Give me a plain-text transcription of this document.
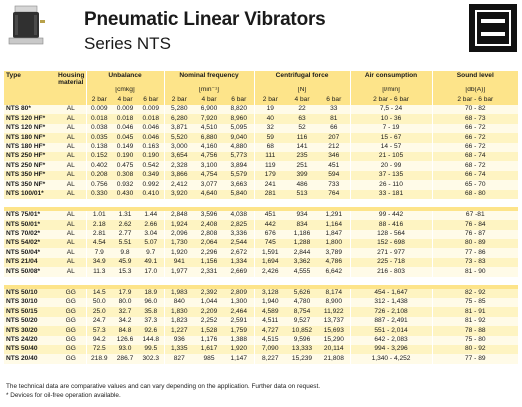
Pneumatic Linear Vibrators
Series NTS
Type	Housing
material	Unbalance			Nominal frequency			Centrifugal force			Air consumption	Sound level
		[cmkg]			[min⁻¹]			[N]			[l/min]	[db(A)]
		2 bar	4 bar	6 bar	2 bar	4 bar	6 bar	2 bar	4 bar	6 bar	2 bar - 6 bar	2 bar - 6 bar
NTS 80*	AL	0.009	0.009	0.009	5,280	6,900	8,820	19	22	33	7,5 - 24	70 - 82
NTS 120 HF*	AL	0.018	0.018	0.018	6,280	7,920	8,960	40	63	81	10 - 36	68 - 73
NTS 120 NF*	AL	0.038	0.046	0.046	3,871	4,510	5,095	32	52	66	7 - 19	66 - 72
NTS 180 NF*	AL	0.035	0.045	0.046	5,520	6,880	9,040	59	116	207	15 - 67	66 - 72
NTS 180 HF*	AL	0.138	0.149	0.163	3,000	4,160	4,880	68	141	212	14 - 57	66 - 72
NTS 250 HF*	AL	0.152	0.190	0.190	3,654	4,756	5,773	111	235	346	21 - 105	68 - 74
NTS 250 NF*	AL	0.402	0.475	0.542	2,328	3,100	3,894	119	251	451	20 - 99	68 - 72
NTS 350 HF*	AL	0.208	0.308	0.349	3,866	4,754	5,579	179	399	594	37 - 135	66 - 74
NTS 350 NF*	AL	0.756	0.932	0.992	2,412	3,077	3,663	241	486	733	26 - 110	65 - 70
NTS 100/01*	AL	0.330	0.430	0.410	3,920	4,640	5,840	281	513	764	33 - 181	68 - 80

NTS 75/01*	AL	1.01	1.31	1.44	2,848	3,596	4,038	451	934	1,291	99 - 442	67 -81
NTS 50/01*	AL	2.18	2.62	2.66	1,924	2,408	2,825	442	834	1,164	88 - 416	76 - 84
NTS 70/02*	AL	2.81	2.77	3.04	2,096	2,808	3,336	676	1,186	1,847	128 - 564	76 - 87
NTS 54/02*	AL	4.54	5.51	5.07	1,730	2,064	2,544	745	1,288	1,800	152 - 698	80 - 89
NTS 50/04*	AL	7.9	9.8	9.7	1,920	2,296	2,672	1,591	2,844	3,789	271 - 977	77 - 86
NTS 21/04	AL	34.9	45.9	49.1	941	1,156	1,334	1,694	3,362	4,786	225 - 718	73 - 83
NTS 50/08*	AL	11.3	15.3	17.0	1,977	2,331	2,669	2,426	4,555	6,642	216 - 803	81 - 90

NTS 50/10	GG	14.5	17.9	18.9	1,983	2,392	2,809	3,128	5,626	8,174	454 - 1,647	82 - 92
NTS 30/10	GG	50.0	80.0	96.0	840	1,044	1,300	1,940	4,780	8,900	312 - 1,438	75 - 85
NTS 50/15	GG	25.0	32.7	35.8	1,830	2,209	2,464	4,589	8,754	11,922	726 - 2,108	81 - 91
NTS 50/20	GG	24.7	34.2	37.3	1,823	2,252	2,591	4,511	9,527	13,737	887 - 2,491	81 - 92
NTS 30/20	GG	57.3	84.8	92.6	1,227	1,528	1,759	4,727	10,852	15,693	551 - 2,014	78 - 88
NTS 24/20	GG	94.2	126.6	144.8	936	1,176	1,388	4,515	9,596	15,290	642 - 2,083	75 - 80
NTS 50/40	GG	72.5	93.0	99.5	1,335	1,617	1,920	7,090	13,333	20,114	994 - 3,296	80 - 92
NTS 20/40	GG	218.9	286.7	302.3	827	985	1,147	8,227	15,239	21,808	1,340 - 4,252	77 - 89
The technical data are comparative values and can vary depending on the application. Further data on request.
* Devices for oil-free operation available.
